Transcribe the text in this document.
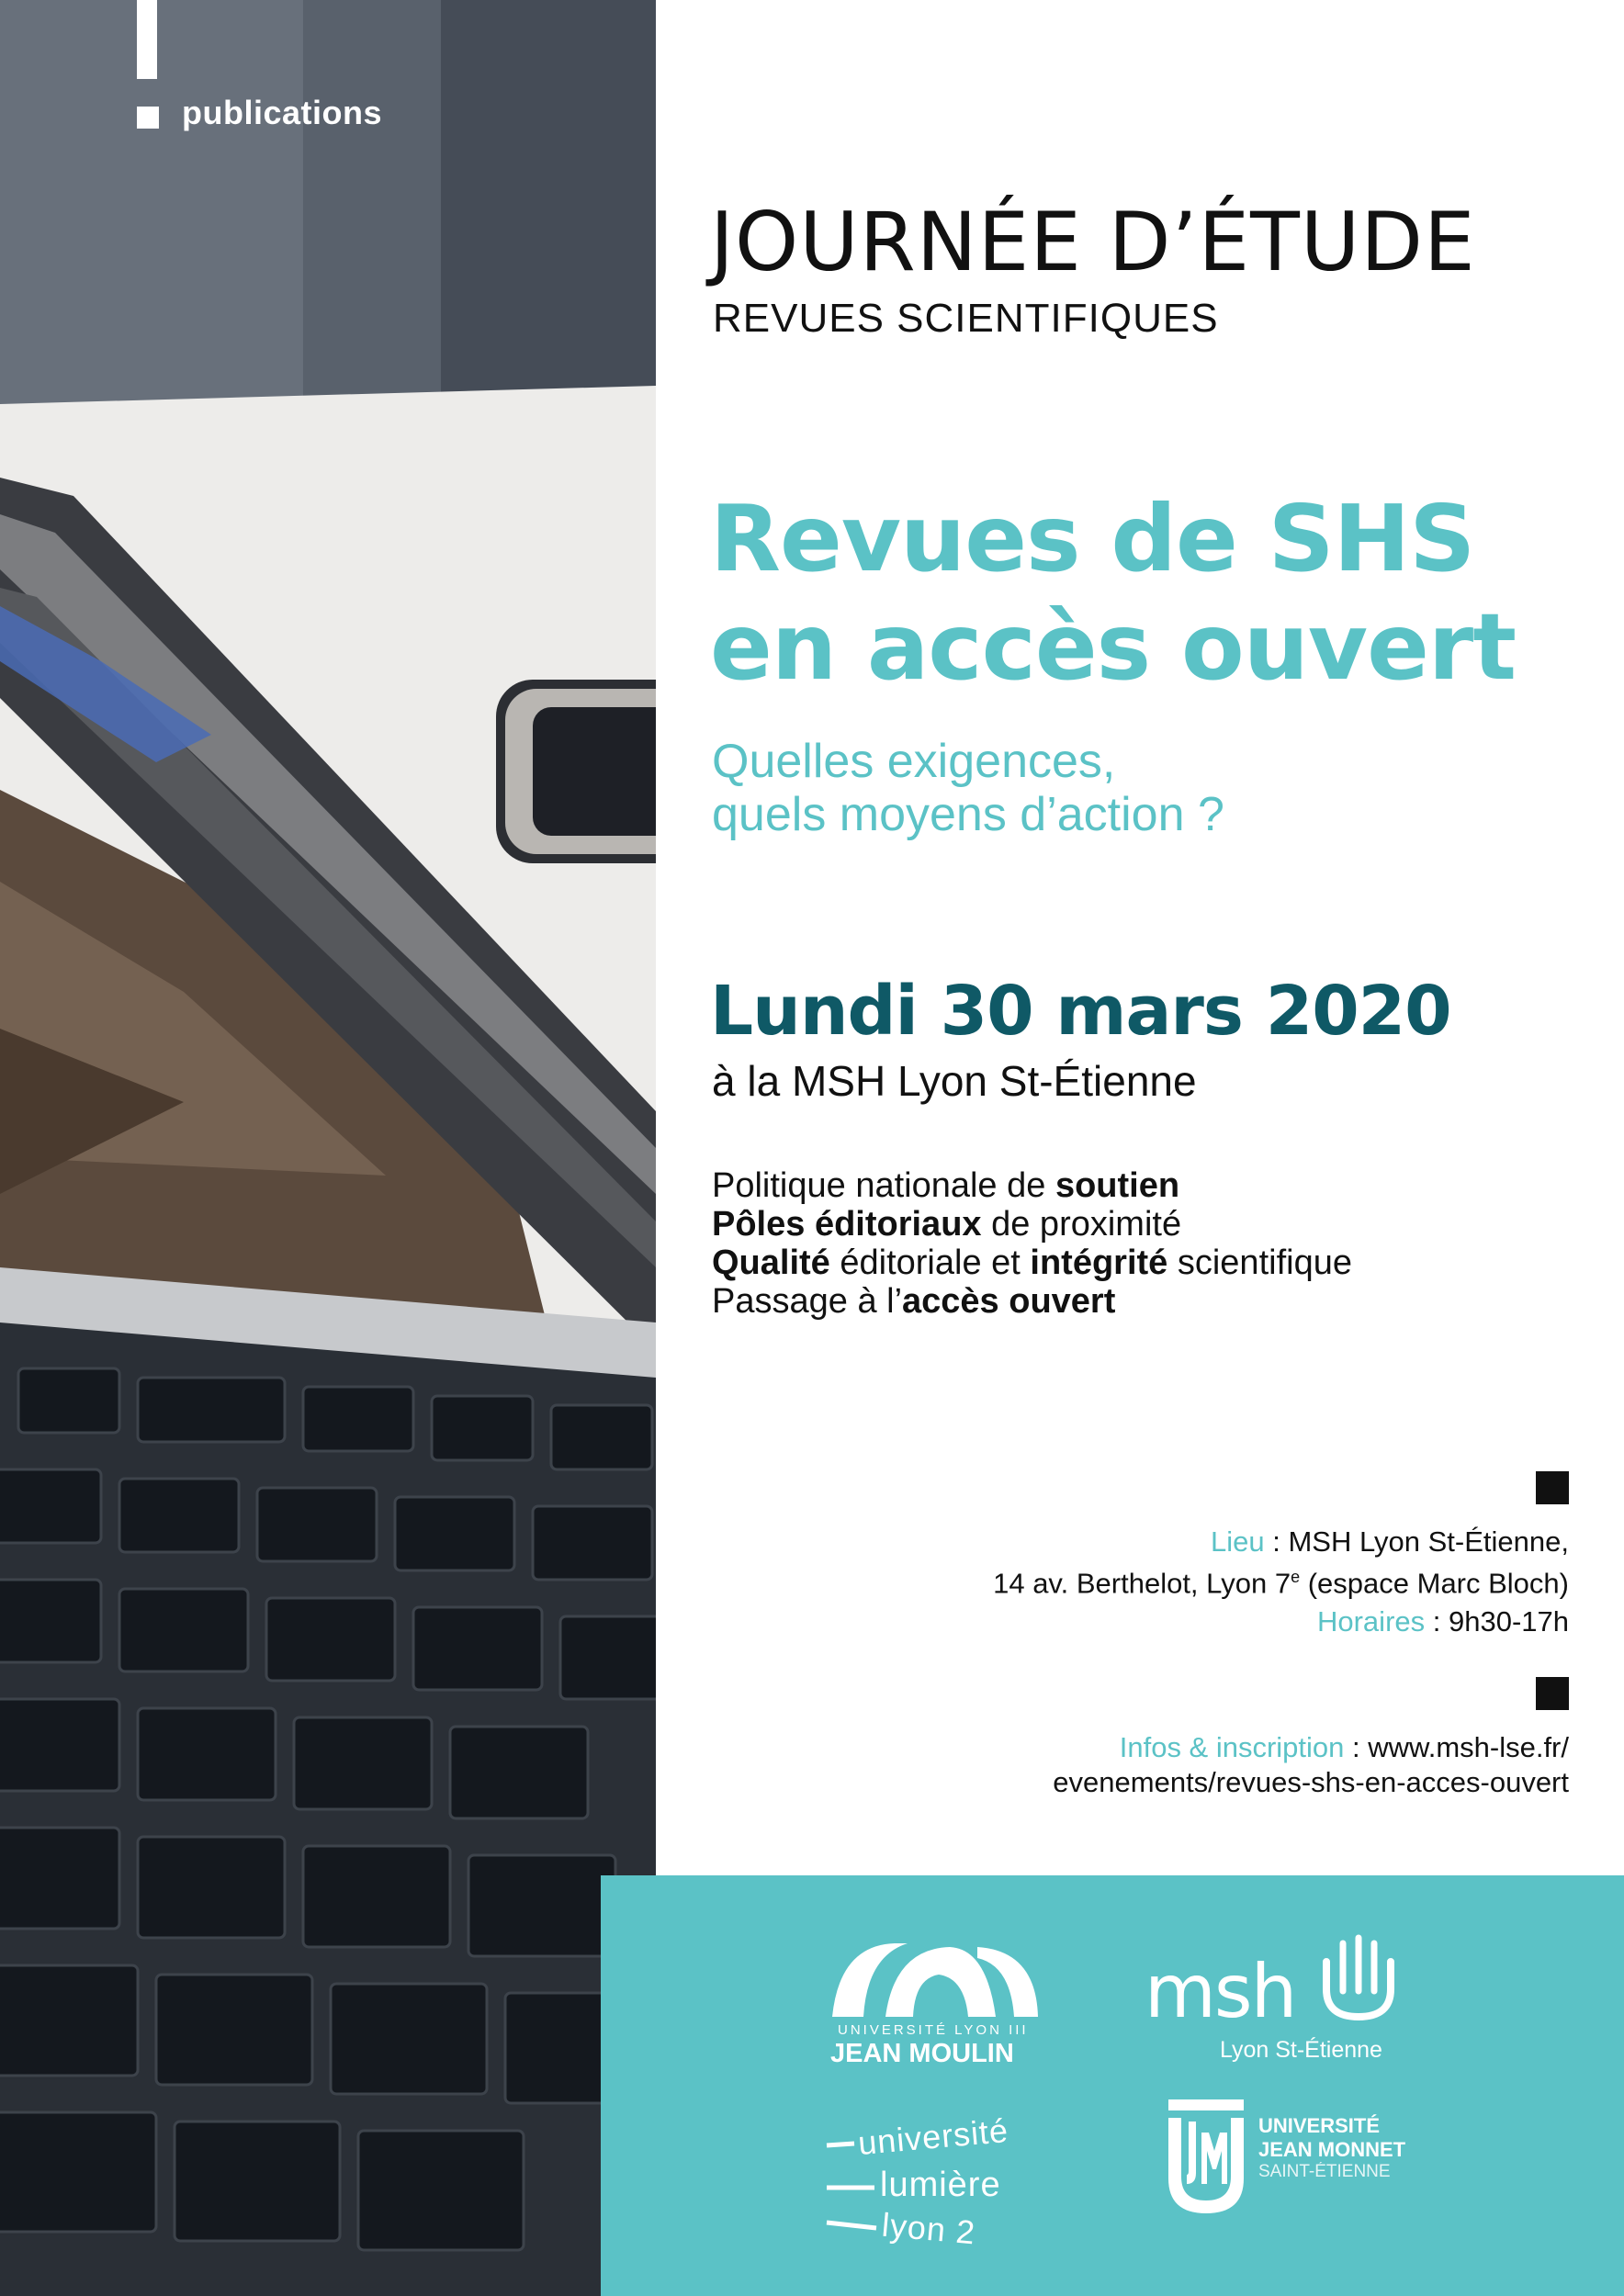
publications
JOURNÉE D’ÉTUDE
REVUES SCIENTIFIQUES
Revues de SHS
en accès ouvert
Quelles exigences,
quels moyens d’action ?
Lundi 30 mars 2020
à la MSH Lyon St-Étienne
Politique nationale de soutien
Pôles éditoriaux de proximité
Qualité éditoriale et intégrité scientifique
Passage à l’accès ouvert
Lieu : MSH Lyon St-Étienne,
14 av. Berthelot, Lyon 7e (espace Marc Bloch)
Horaires : 9h30-17h
Infos & inscription : www.msh-lse.fr/
evenements/revues-shs-en-acces-ouvert
UNIVERSITÉ LYON III
JEAN MOULIN
msh
Lyon St-Étienne
université
lumière
lyon 2
UNIVERSITÉ
JEAN MONNET
SAINT-ÉTIENNE
